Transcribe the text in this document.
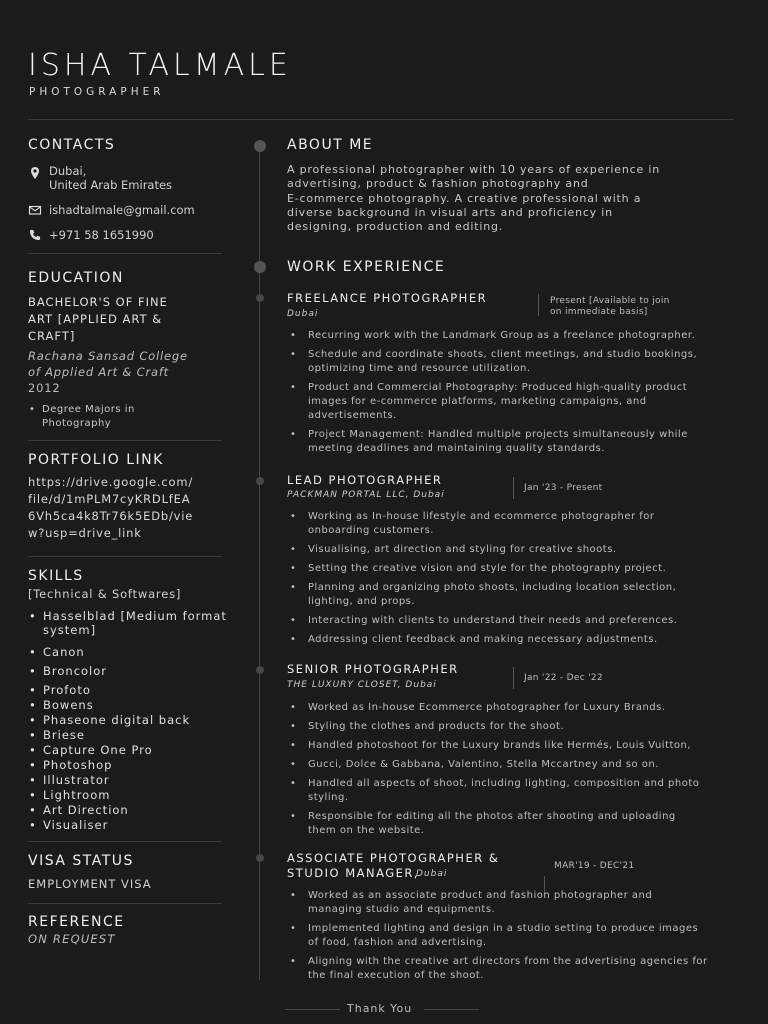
ISHA TALMALE
PHOTOGRAPHER
CONTACTS
Dubai,
United Arab Emirates
ishadtalmale@gmail.com
+971 58 1651990
EDUCATION
BACHELOR'S OF FINE
ART [APPLIED ART &
CRAFT]
Rachana Sansad College
of Applied Art & Craft
2012
• Degree Majors in
Photography
PORTFOLIO LINK
https://drive.google.com/
file/d/1mPLM7cyKRDLfEA
6Vh5ca4k8Tr76k5EDb/vie
w?usp=drive_link
SKILLS
[Technical & Softwares]
• Hasselblad [Medium format system]
• Canon
• Broncolor
• Profoto
• Bowens
• Phaseone digital back
• Briese
• Capture One Pro
• Photoshop
• Illustrator
• Lightroom
• Art Direction
• Visualiser
VISA STATUS
EMPLOYMENT VISA
REFERENCE
ON REQUEST
ABOUT ME
A professional photographer with 10 years of experience in
advertising, product & fashion photography and
E-commerce photography. A creative professional with a
diverse background in visual arts and proficiency in
designing, production and editing.
WORK EXPERIENCE
FREELANCE PHOTOGRAPHER
Dubai
Present [Available to join
on immediate basis]
• Recurring work with the Landmark Group as a freelance photographer.
• Schedule and coordinate shoots, client meetings, and studio bookings,
optimizing time and resource utilization.
• Product and Commercial Photography: Produced high-quality product
images for e-commerce platforms, marketing campaigns, and
advertisements.
• Project Management: Handled multiple projects simultaneously while
meeting deadlines and maintaining quality standards.
LEAD PHOTOGRAPHER
PACKMAN PORTAL LLC, Dubai
Jan '23 - Present
• Working as In-house lifestyle and ecommerce photographer for
onboarding customers.
• Visualising, art direction and styling for creative shoots.
• Setting the creative vision and style for the photography project.
• Planning and organizing photo shoots, including location selection,
lighting, and props.
• Interacting with clients to understand their needs and preferences.
• Addressing client feedback and making necessary adjustments.
SENIOR PHOTOGRAPHER
THE LUXURY CLOSET, Dubai
Jan '22 - Dec '22
• Worked as In-house Ecommerce photographer for Luxury Brands.
• Styling the clothes and products for the shoot.
• Handled photoshoot for the Luxury brands like Hermés, Louis Vuitton,
• Gucci, Dolce & Gabbana, Valentino, Stella Mccartney and so on.
• Handled all aspects of shoot, including lighting, composition and photo
styling.
• Responsible for editing all the photos after shooting and uploading
them on the website.
ASSOCIATE PHOTOGRAPHER &
STUDIO MANAGER,
Dubai
MAR'19 - DEC'21
• Worked as an associate product and fashion photographer and
managing studio and equipments.
• Implemented lighting and design in a studio setting to produce images
of food, fashion and advertising.
• Aligning with the creative art directors from the advertising agencies for
the final execution of the shoot.
Thank You
